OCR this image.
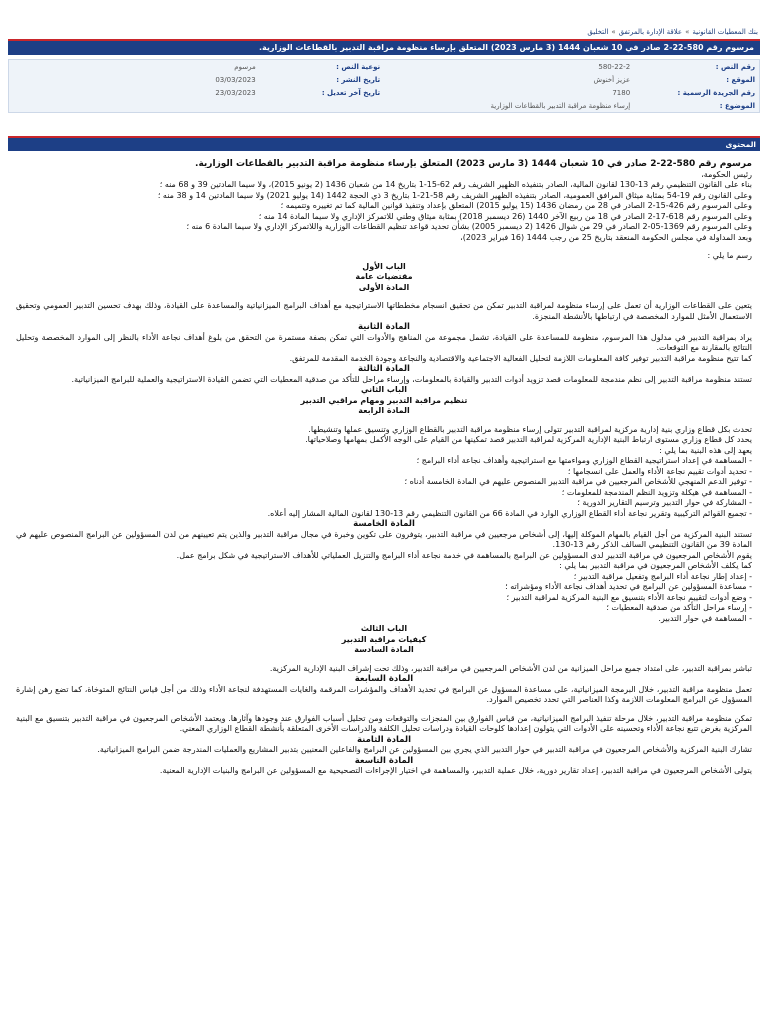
بنك المعطيات القانونية»علاقة الإدارة بالمرتفق»التخليق
مرسوم رقم 580-22-2 صادر في 10 شعبان 1444 (3 مارس 2023) المتعلق بإرساء منظومة مراقبة التدبير بالقطاعات الوزارية.
رقم النص :	580-22-2	نوعية النص :	مرسوم
الموقع :	عزيز أخنوش	تاريخ النشر :	03/03/2023
رقم الجريدة الرسمية :	7180	تاريخ آخر تعديل :	23/03/2023
الموضوع :	إرساء منظومة مراقبة التدبير بالقطاعات الوزارية		
المحتوى

مرسوم رقم 580-22-2 صادر في 10 شعبان 1444 (3 مارس 2023) المتعلق بإرساء منظومة مراقبة التدبير بالقطاعات الوزارية.

رئيس الحكومة،

بناء على القانون التنظيمي رقم 13-130 لقانون المالية، الصادر بتنفيذه الظهير الشريف رقم 62-15-1 بتاريخ 14 من شعبان 1436 (2 يونيو 2015)، ولا سيما المادتين 39 و 68 منه ؛

وعلى القانون رقم 19-54 بمثابة ميثاق المرافق العمومية، الصادر بتنفيذه الظهير الشريف رقم 58-21-1 بتاريخ 3 ذي الحجة 1442 (14 يوليو 2021) ولا سيما المادتين 14 و 38 منه ؛

وعلى المرسوم رقم 426-15-2 الصادر في 28 من رمضان 1436 (15 يوليو 2015) المتعلق بإعداد وتنفيذ قوانين المالية كما تم تغييره وتتميمه ؛

وعلى المرسوم رقم 618-17-2 الصادر في 18 من ربيع الآخر 1440 (26 ديسمبر 2018) بمثابة ميثاق وطني للاتمركز الإداري ولا سيما المادة 14 منه ؛

وعلى المرسوم رقم 1369-05-2 الصادر في 29 من شوال 1426 (2 ديسمبر 2005) بشأن تحديد قواعد تنظيم القطاعات الوزارية واللاتمركز الإداري ولا سيما المادة 6 منه ؛

وبعد المداولة في مجلس الحكومة المنعقد بتاريخ 25 من رجب 1444 (16 فبراير 2023)،

رسم ما يلي :

الباب الأول

مقتضيات عامة

المادة الأولى

يتعين على القطاعات الوزارية أن تعمل على إرساء منظومة لمراقبة التدبير تمكن من تحقيق انسجام مخططاتها الاستراتيجية مع أهداف البرامج الميزانياتية والمساعدة على القيادة، وذلك بهدف تحسين التدبير العمومي وتحقيق الاستعمال الأمثل للموارد المخصصة في ارتباطها بالأنشطة المنجزة.

المادة الثانية

يراد بمراقبة التدبير في مدلول هذا المرسوم، منظومة للمساعدة على القيادة، تشمل مجموعة من المناهج والأدوات التي تمكن بصفة مستمرة من التحقق من بلوغ أهداف نجاعة الأداء بالنظر إلى الموارد المخصصة وتحليل النتائج بالمقارنة مع التوقعات.

كما تتيح منظومة مراقبة التدبير توفير كافة المعلومات اللازمة لتحليل الفعالية الاجتماعية والاقتصادية والنجاعة وجودة الخدمة المقدمة للمرتفق.

المادة الثالثة

تستند منظومة مراقبة التدبير إلى نظم مندمجة للمعلومات قصد تزويد أدوات التدبير والقيادة بالمعلومات، وإرساء مراحل للتأكد من صدقية المعطيات التي تضمن القيادة الاستراتيجية والعملية للبرامج الميزانياتية.

الباب الثاني

تنظيم مراقبة التدبير ومهام مراقبي التدبير

المادة الرابعة

تحدث بكل قطاع وزاري بنية إدارية مركزية لمراقبة التدبير تتولى إرساء منظومة مراقبة التدبير بالقطاع الوزاري وتنسيق عملها وتنشيطها.

يحدد كل قطاع وزاري مستوى ارتباط البنية الإدارية المركزية لمراقبة التدبير قصد تمكينها من القيام على الوجه الأكمل بمهامها وصلاحياتها.

يعهد إلى هذه البنية بما يلي :

- المساهمة في إعداد استراتيجية القطاع الوزاري ومواءمتها مع استراتيجية وأهداف نجاعة أداء البرامج ؛

- تحديد أدوات تقييم نجاعة الأداء والعمل على انسجامها ؛

- توفير الدعم المنهجي للأشخاص المرجعيين في مراقبة التدبير المنصوص عليهم في المادة الخامسة أدناه ؛

- المساهمة في هيكلة وتزويد النظم المندمجة للمعلومات ؛

- المشاركة في حوار التدبير وترسيم التقارير الدورية ؛

- تجميع القوائم التركيبية وتقرير نجاعة أداء القطاع الوزاري الوارد في المادة 66 من القانون التنظيمي رقم 13-130 لقانون المالية المشار إليه أعلاه.

المادة الخامسة

تستند البنية المركزية من أجل القيام بالمهام الموكلة إليها، إلى أشخاص مرجعيين في مراقبة التدبير، يتوفرون على تكوين وخبرة في مجال مراقبة التدبير والذين يتم تعيينهم من لدن المسؤولين عن البرامج المنصوص عليهم في المادة 39 من القانون التنظيمي السالف الذكر رقم 13-130.

يقوم الأشخاص المرجعيون في مراقبة التدبير لدى المسؤولين عن البرامج بالمساهمة في خدمة نجاعة أداء البرامج والتنزيل العملياتي للأهداف الاستراتيجية في شكل برامج عمل.

كما يكلف الأشخاص المرجعيون في مراقبة التدبير بما يلي :

- إعداد إطار نجاعة أداء البرامج وتفعيل مراقبة التدبير ؛

- مساعدة المسؤولين عن البرامج في تحديد أهداف نجاعة الأداء ومؤشراته ؛

- وضع أدوات لتقييم نجاعة الأداء بتنسيق مع البنية المركزية لمراقبة التدبير ؛

- إرساء مراحل التأكد من صدقية المعطيات ؛

- المساهمة في حوار التدبير.

الباب الثالث

كيفيات مراقبة التدبير

المادة السادسة

تباشر بمراقبة التدبير، على امتداد جميع مراحل الميزانية من لدن الأشخاص المرجعيين في مراقبة التدبير، وذلك تحت إشراف البنية الإدارية المركزية.

المادة السابعة

تعمل منظومة مراقبة التدبير، خلال البرمجة الميزانياتية، على مساعدة المسؤول عن البرامج في تحديد الأهداف والمؤشرات المرقمة والغايات المستهدفة لنجاعة الأداء وذلك من أجل قياس النتائج المتوخاة، كما تضع رهن إشارة المسؤول عن البرامج المعلومات اللازمة وكذا العناصر التي تحدد تخصيص الموارد.

تمكن منظومة مراقبة التدبير، خلال مرحلة تنفيذ البرامج الميزانياتية، من قياس الفوارق بين المنجزات والتوقعات ومن تحليل أسباب الفوارق عند وجودها وآثارها. ويعتمد الأشخاص المرجعيون في مراقبة التدبير بتنسيق مع البنية المركزية بغرض تتبع نجاعة الأداء وتحسينه على الأدوات التي يتولون إعدادها كلوحات القيادة ودراسات تحليل الكلفة والدراسات الأخرى المتعلقة بأنشطة القطاع الوزاري المعني.

المادة الثامنة

تشارك البنية المركزية والأشخاص المرجعيون في مراقبة التدبير في حوار التدبير الذي يجري بين المسؤولين عن البرامج والفاعلين المعنيين بتدبير المشاريع والعمليات المندرجة ضمن البرامج الميزانياتية.

المادة التاسعة

يتولى الأشخاص المرجعيون في مراقبة التدبير، إعداد تقارير دورية، خلال عملية التدبير، والمساهمة في اختيار الإجراءات التصحيحية مع المسؤولين عن البرامج والبنيات الإدارية المعنية.
